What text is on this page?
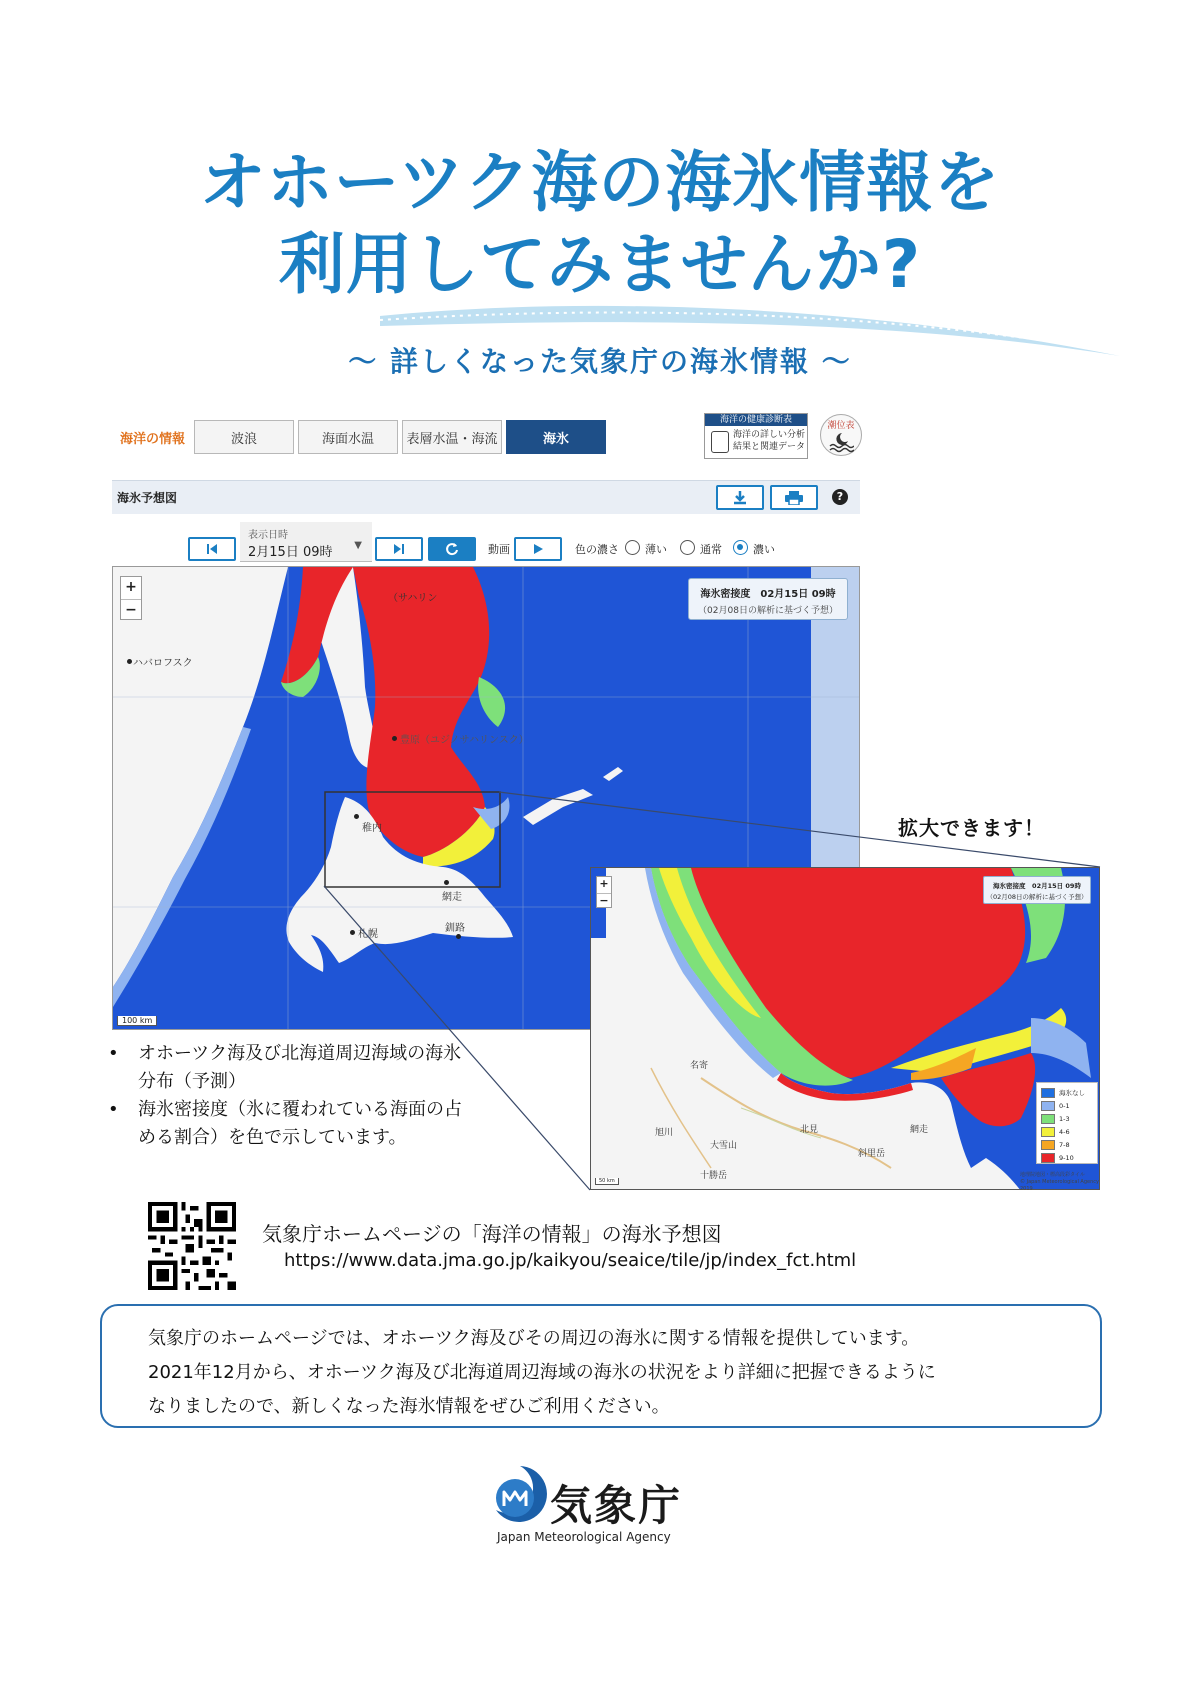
オホーツク海の海氷情報を
利用してみませんか?
～ 詳しくなった気象庁の海氷情報 ～
海洋の情報	波浪	海面水温	表層水温・海流	海氷
海洋の健康診断表
海洋の詳しい分析
結果と関連データ
潮位表
海氷予想図	?
表示日時
2月15日 09時 ▼	動画	色の濃さ 薄い	通常	濃い
+
−
海氷密接度　02月15日 09時
（02月08日の解析に基づく予想）
100 km
ハバロフスク
（サハリン
豊原（ユジノサハリンスク）
稚内
網走
釧路
札幌
拡大できます！
+
−
海氷密接度　02月15日 09時
（02月08日の解析に基づく予想）
名寄
旭川
大雪山
北見	網走
斜里岳
十勝岳
海氷なし
0-1
1-3
4-6
7-8
9-10
地理院地図・標高段彩タイル
© Japan Meteorological Agency 2019
50 km
• オホーツク海及び北海道周辺海域の海氷分布（予測）
• 海氷密接度（氷に覆われている海面の占める割合）を色で示しています。
気象庁ホームページの「海洋の情報」の海氷予想図
https://www.data.jma.go.jp/kaikyou/seaice/tile/jp/index_fct.html

気象庁のホームページでは、オホーツク海及びその周辺の海氷に関する情報を提供しています。

2021年12月から、オホーツク海及び北海道周辺海域の海氷の状況をより詳細に把握できるように

なりましたので、新しくなった海氷情報をぜひご利用ください。

気象庁
Japan Meteorological Agency
